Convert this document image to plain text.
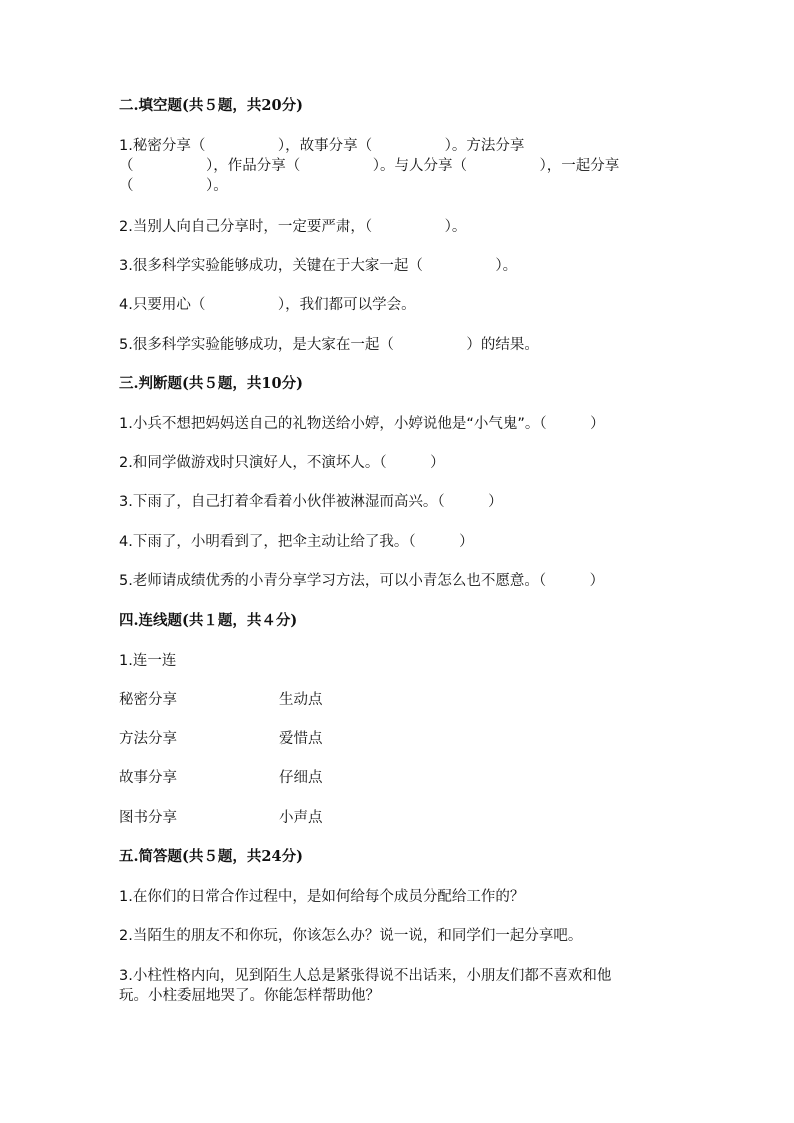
二.填空题(共５题，共20分)
1.秘密分享（　　　　　），故事分享（　　　　　）。方法分享
（　　　　　），作品分享（　　　　　）。与人分享（　　　　　），一起分享
（　　　　　）。
2.当别人向自己分享时，一定要严肃，（　　　　　）。
3.很多科学实验能够成功，关键在于大家一起（　　　　　）。
4.只要用心（　　　　　），我们都可以学会。
5.很多科学实验能够成功，是大家在一起（　　　　　）的结果。
三.判断题(共５题，共10分)
1.小兵不想把妈妈送自己的礼物送给小婷，小婷说他是“小气鬼”。（　　　）
2.和同学做游戏时只演好人，不演坏人。（　　　）
3.下雨了，自己打着伞看着小伙伴被淋湿而高兴。（　　　）
4.下雨了，小明看到了，把伞主动让给了我。（　　　）
5.老师请成绩优秀的小青分享学习方法，可以小青怎么也不愿意。（　　　）
四.连线题(共１题，共４分)
1.连一连
秘密分享	生动点
方法分享	爱惜点
故事分享	仔细点
图书分享	小声点
五.简答题(共５题，共24分)
1.在你们的日常合作过程中，是如何给每个成员分配给工作的？
2.当陌生的朋友不和你玩，你该怎么办？说一说，和同学们一起分享吧。
3.小柱性格内向，见到陌生人总是紧张得说不出话来，小朋友们都不喜欢和他
玩。小柱委屈地哭了。你能怎样帮助他？
